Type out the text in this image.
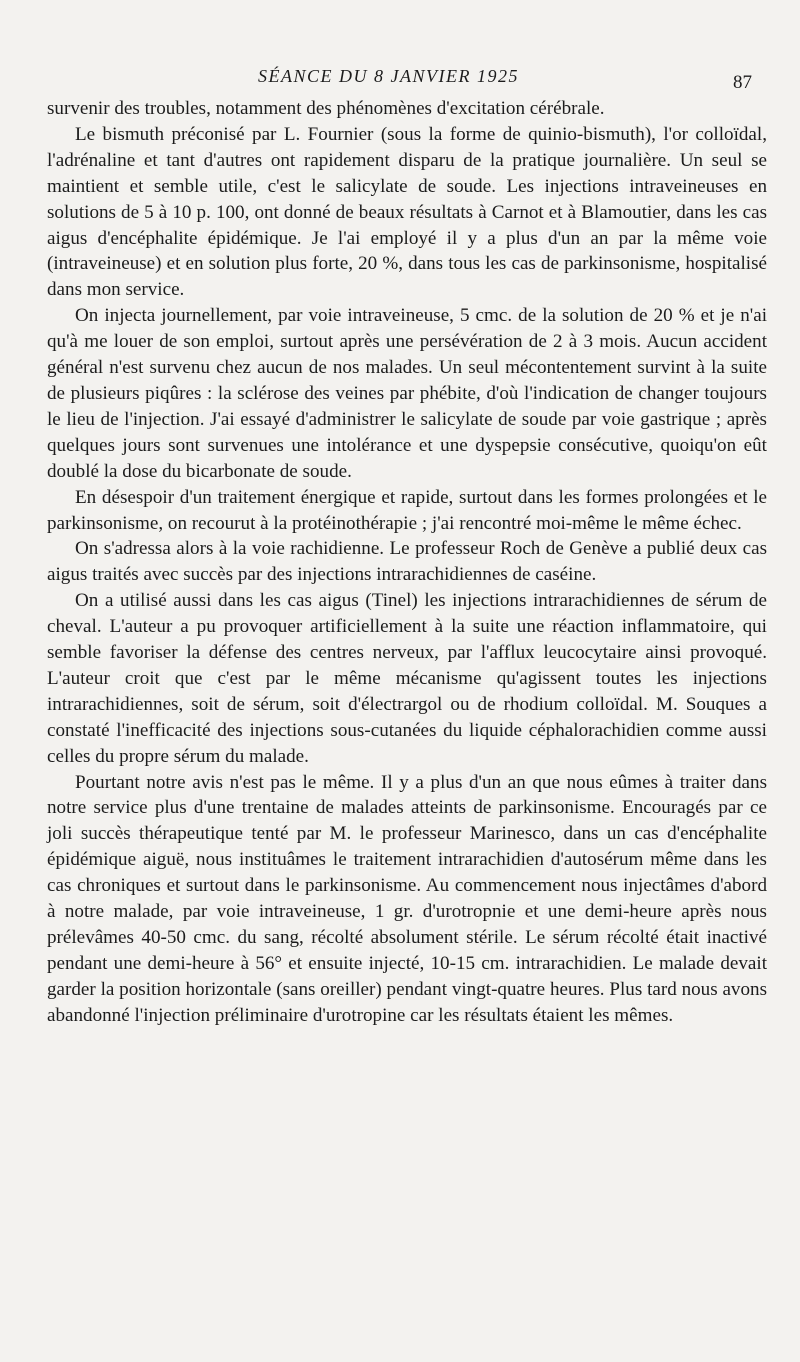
SÉANCE DU 8 JANVIER 1925	87

survenir des troubles, notamment des phénomènes d'excitation cérébrale.

Le bismuth préconisé par L. Fournier (sous la forme de quinio-bismuth), l'or colloïdal, l'adrénaline et tant d'autres ont rapidement disparu de la pratique journalière. Un seul se maintient et semble utile, c'est le salicylate de soude. Les injections intraveineuses en solutions de 5 à 10 p. 100, ont donné de beaux résultats à Carnot et à Blamoutier, dans les cas aigus d'encéphalite épidémique. Je l'ai employé il y a plus d'un an par la même voie (intraveineuse) et en solution plus forte, 20 %, dans tous les cas de parkinsonisme, hospitalisé dans mon service.

On injecta journellement, par voie intraveineuse, 5 cmc. de la solution de 20 % et je n'ai qu'à me louer de son emploi, surtout après une persévération de 2 à 3 mois. Aucun accident général n'est survenu chez aucun de nos malades. Un seul mécontentement survint à la suite de plusieurs piqûres : la sclérose des veines par phébite, d'où l'indication de changer toujours le lieu de l'injection. J'ai essayé d'administrer le salicylate de soude par voie gastrique ; après quelques jours sont survenues une intolérance et une dyspepsie consécutive, quoiqu'on eût doublé la dose du bicarbonate de soude.

En désespoir d'un traitement énergique et rapide, surtout dans les formes prolongées et le parkinsonisme, on recourut à la protéinothérapie ; j'ai rencontré moi-même le même échec.

On s'adressa alors à la voie rachidienne. Le professeur Roch de Genève a publié deux cas aigus traités avec succès par des injections intrarachidiennes de caséine.

On a utilisé aussi dans les cas aigus (Tinel) les injections intrarachidiennes de sérum de cheval. L'auteur a pu provoquer artificiellement à la suite une réaction inflammatoire, qui semble favoriser la défense des centres nerveux, par l'afflux leucocytaire ainsi provoqué. L'auteur croit que c'est par le même mécanisme qu'agissent toutes les injections intrarachidiennes, soit de sérum, soit d'électrargol ou de rhodium colloïdal. M. Souques a constaté l'inefficacité des injections sous-cutanées du liquide céphalorachidien comme aussi celles du propre sérum du malade.

Pourtant notre avis n'est pas le même. Il y a plus d'un an que nous eûmes à traiter dans notre service plus d'une trentaine de malades atteints de parkinsonisme. Encouragés par ce joli succès thérapeutique tenté par M. le professeur Marinesco, dans un cas d'encéphalite épidémique aiguë, nous instituâmes le traitement intrarachidien d'autosérum même dans les cas chroniques et surtout dans le parkinsonisme. Au commencement nous injectâmes d'abord à notre malade, par voie intraveineuse, 1 gr. d'urotropnie et une demi-heure après nous prélevâmes 40-50 cmc. du sang, récolté absolument stérile. Le sérum récolté était inactivé pendant une demi-heure à 56° et ensuite injecté, 10-15 cm. intrarachidien. Le malade devait garder la position horizontale (sans oreiller) pendant vingt-quatre heures. Plus tard nous avons abandonné l'injection préliminaire d'urotropine car les résultats étaient les mêmes.
